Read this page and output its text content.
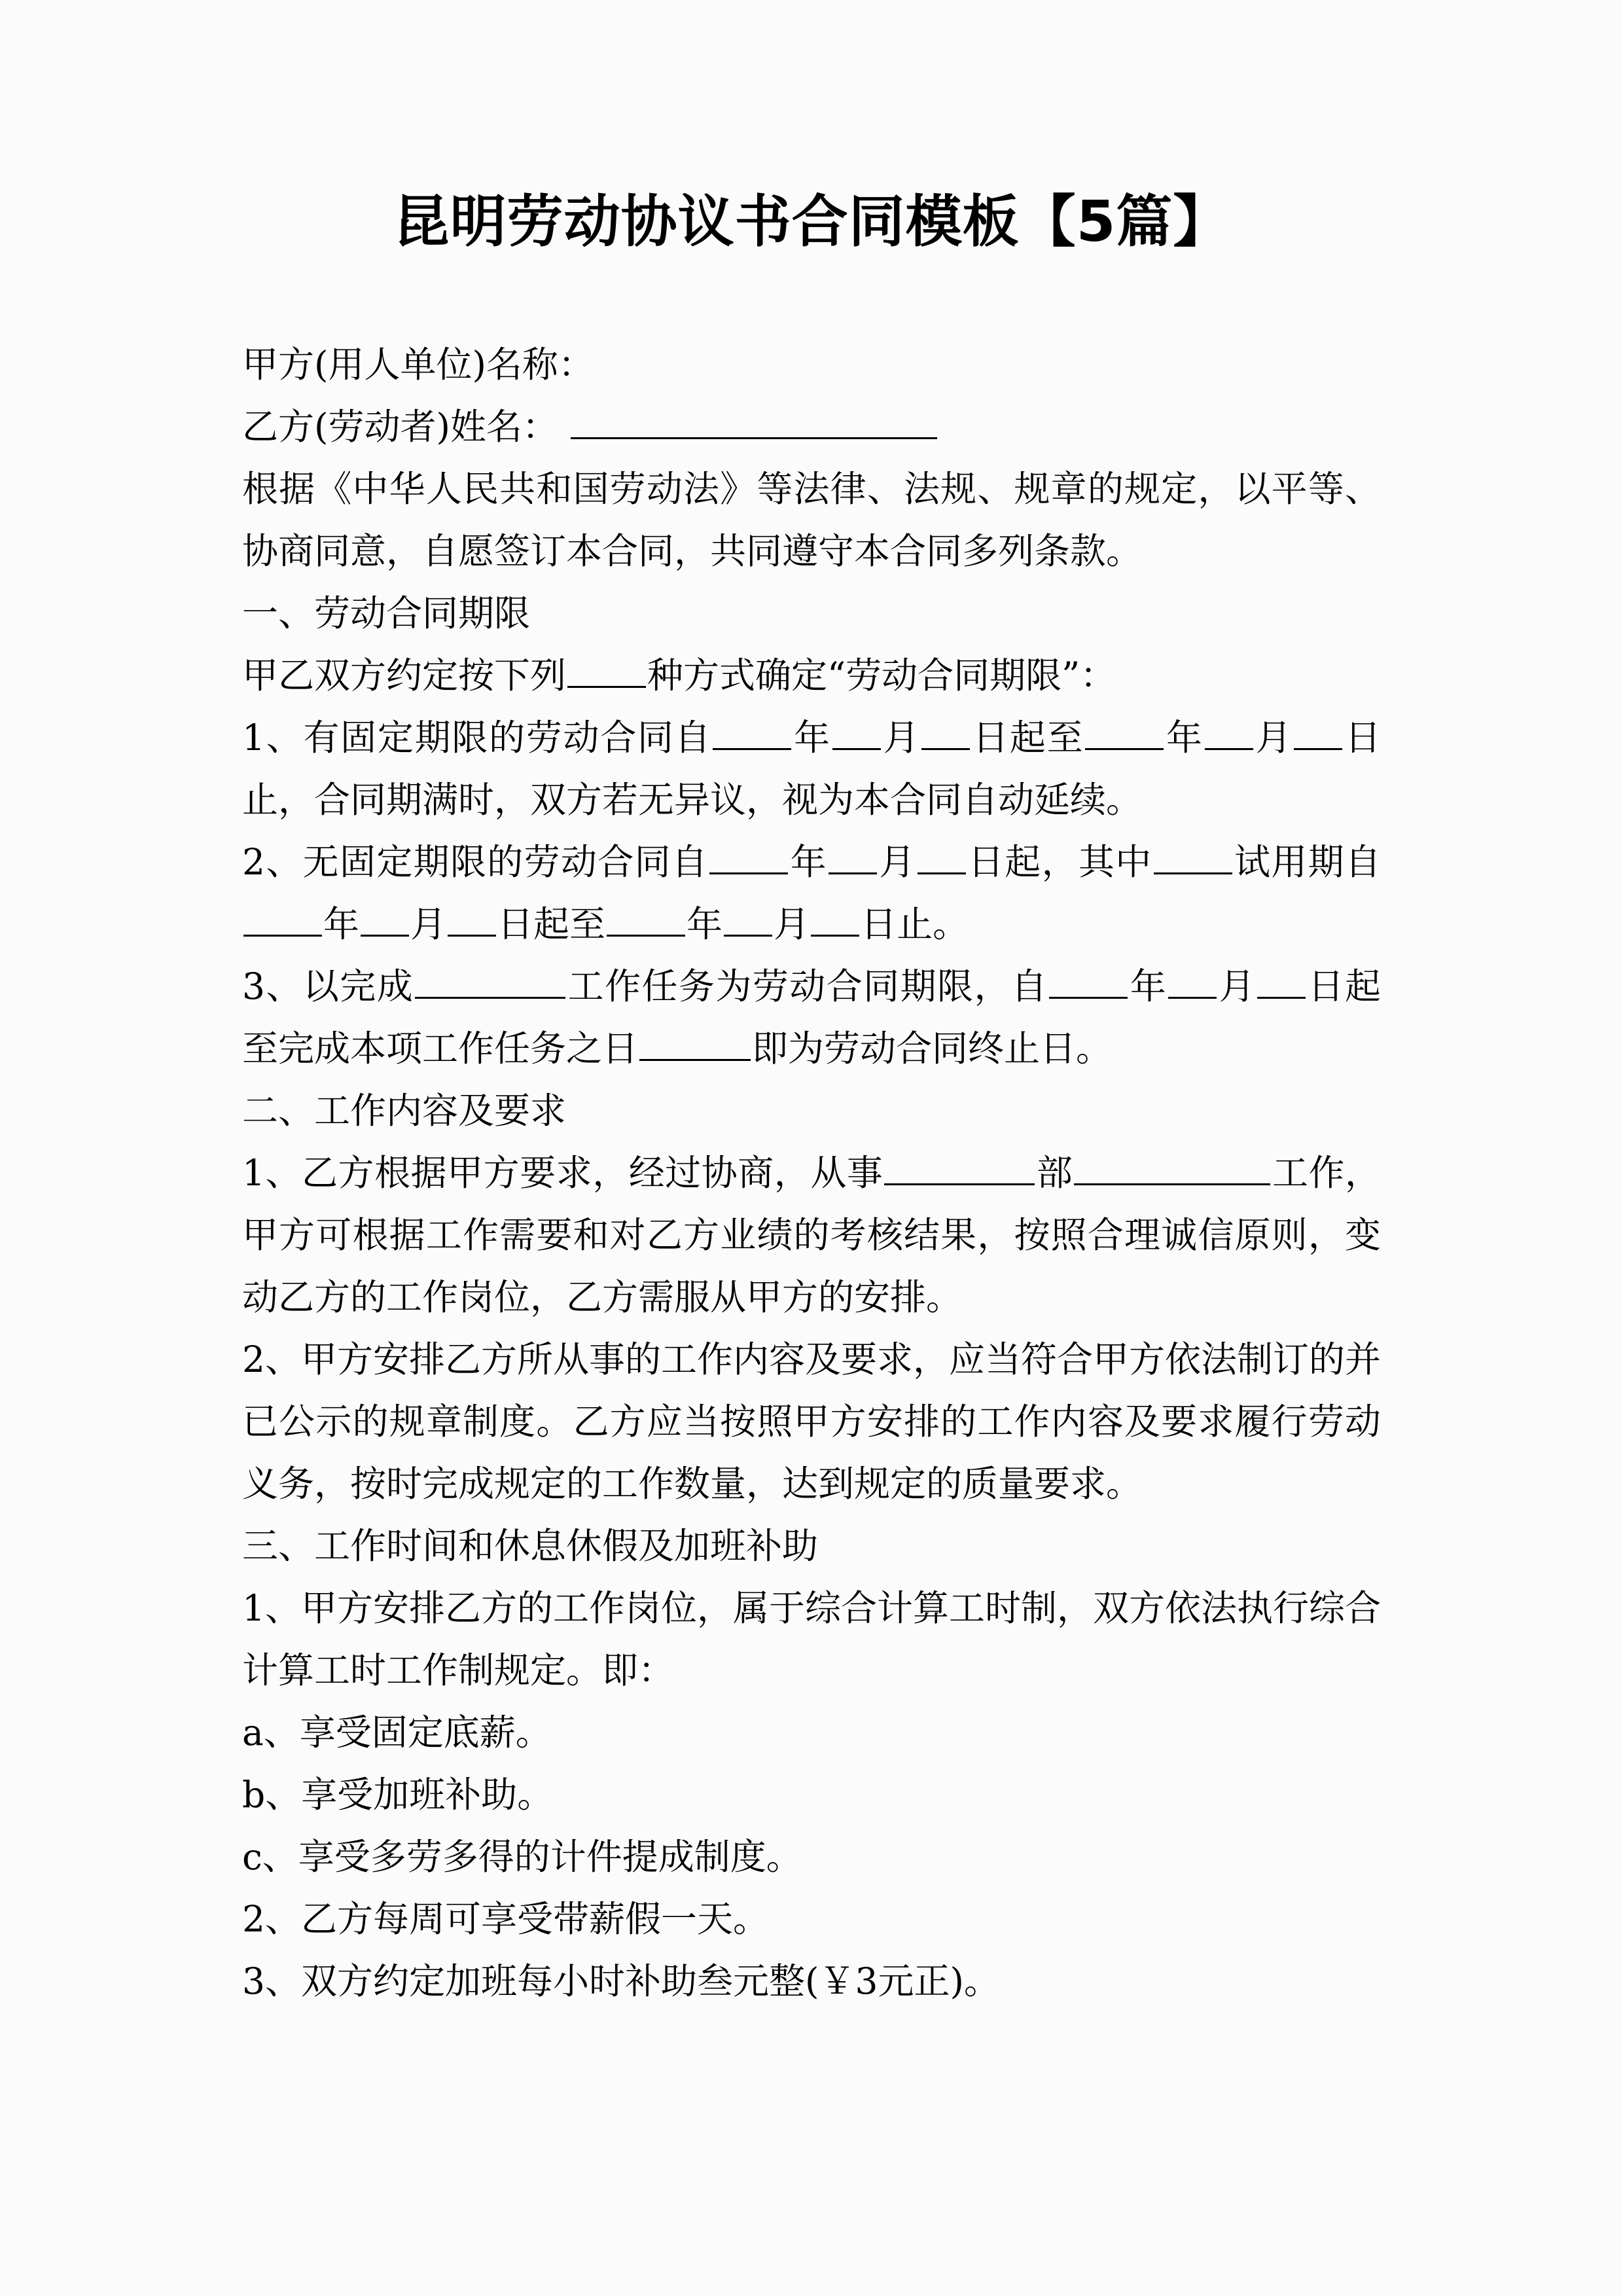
昆明劳动协议书合同模板【5篇】

甲方(用人单位)名称：

乙方(劳动者)姓名：

根据《中华人民共和国劳动法》等法律、法规、规章的规定，以平等、协商同意，自愿签订本合同，共同遵守本合同多列条款。

一、劳动合同期限

甲乙双方约定按下列 种方式确定“劳动合同期限”：

1、有固定期限的劳动合同自 年 月 日起至 年 月 日止，合同期满时，双方若无异议，视为本合同自动延续。

2、无固定期限的劳动合同自 年 月 日起，其中 试用期自年 月 日起至 年 月 日止。

3、以完成	工作任务为劳动合同期限，自 年 月 日起至完成本项工作任务之日	即为劳动合同终止日。

二、工作内容及要求

1、乙方根据甲方要求，经过协商，从事	部	工作，甲方可根据工作需要和对乙方业绩的考核结果，按照合理诚信原则，变动乙方的工作岗位，乙方需服从甲方的安排。

2、甲方安排乙方所从事的工作内容及要求，应当符合甲方依法制订的并已公示的规章制度。乙方应当按照甲方安排的工作内容及要求履行劳动义务，按时完成规定的工作数量，达到规定的质量要求。

三、工作时间和休息休假及加班补助

1、甲方安排乙方的工作岗位，属于综合计算工时制，双方依法执行综合计算工时工作制规定。即：

a、享受固定底薪。

b、享受加班补助。

c、享受多劳多得的计件提成制度。

2、乙方每周可享受带薪假一天。

3、双方约定加班每小时补助叁元整(￥3元正)。
